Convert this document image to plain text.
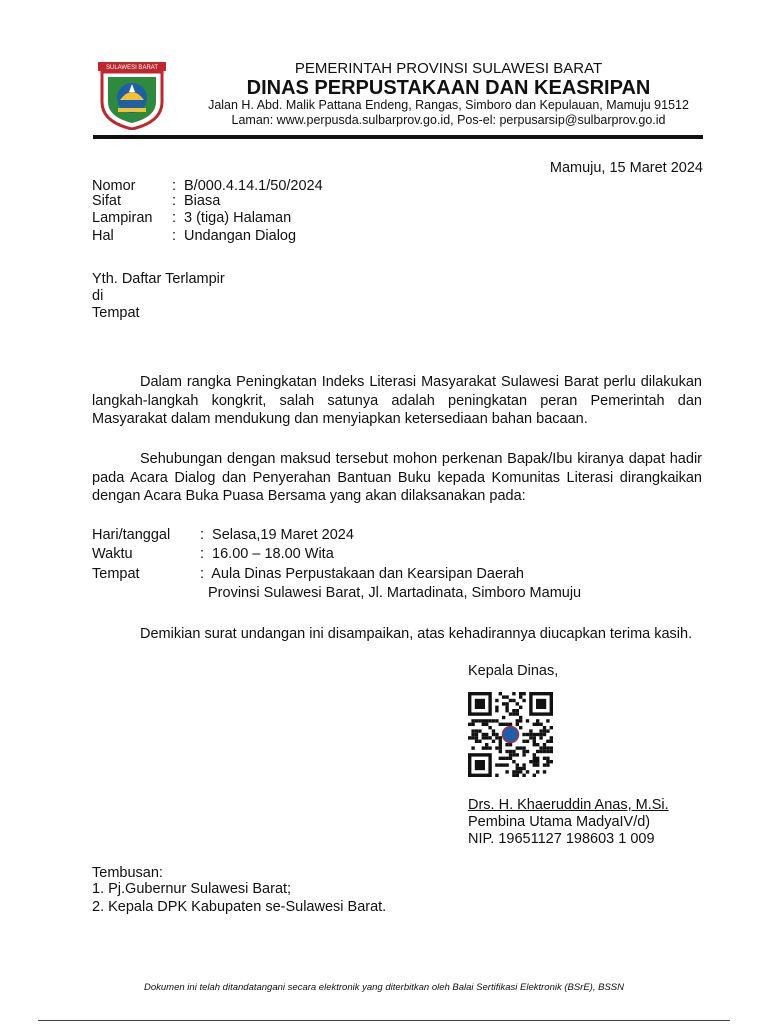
SULAWESI BARAT	PEMERINTAH PROVINSI SULAWESI BARAT
DINAS PERPUSTAKAAN DAN KEASRIPAN
Jalan H. Abd. Malik Pattana Endeng, Rangas, Simboro dan Kepulauan, Mamuju 91512
Laman: www.perpusda.sulbarprov.go.id, Pos-el: perpusarsip@sulbarprov.go.id
Mamuju, 15 Maret 2024
Nomor	: B/000.4.14.1/50/2024
Sifat	: Biasa
Lampiran : 3 (tiga) Halaman
Hal	: Undangan Dialog
Yth. Daftar Terlampir
di
Tempat
Dalam rangka Peningkatan Indeks Literasi Masyarakat Sulawesi Barat perlu dilakukan langkah-langkah kongkrit, salah satunya adalah peningkatan peran Pemerintah dan Masyarakat dalam mendukung dan menyiapkan ketersediaan bahan bacaan.
Sehubungan dengan maksud tersebut mohon perkenan Bapak/Ibu kiranya dapat hadir pada Acara Dialog dan Penyerahan Bantuan Buku kepada Komunitas Literasi dirangkaikan dengan Acara Buka Puasa Bersama yang akan dilaksanakan pada:
Hari/tanggal : Selasa,19 Maret 2024
Waktu	: 16.00 – 18.00 Wita
Tempat	: Aula Dinas Perpustakaan dan Kearsipan Daerah
Provinsi Sulawesi Barat, Jl. Martadinata, Simboro Mamuju
Demikian surat undangan ini disampaikan, atas kehadirannya diucapkan terima kasih.
Kepala Dinas,
Drs. H. Khaeruddin Anas, M.Si.
Pembina Utama MadyaIV/d)
NIP. 19651127 198603 1 009
Tembusan:
1. Pj.Gubernur Sulawesi Barat;
2. Kepala DPK Kabupaten se-Sulawesi Barat.
Dokumen ini telah ditandatangani secara elektronik yang diterbitkan oleh Balai Sertifikasi Elektronik (BSrE), BSSN
